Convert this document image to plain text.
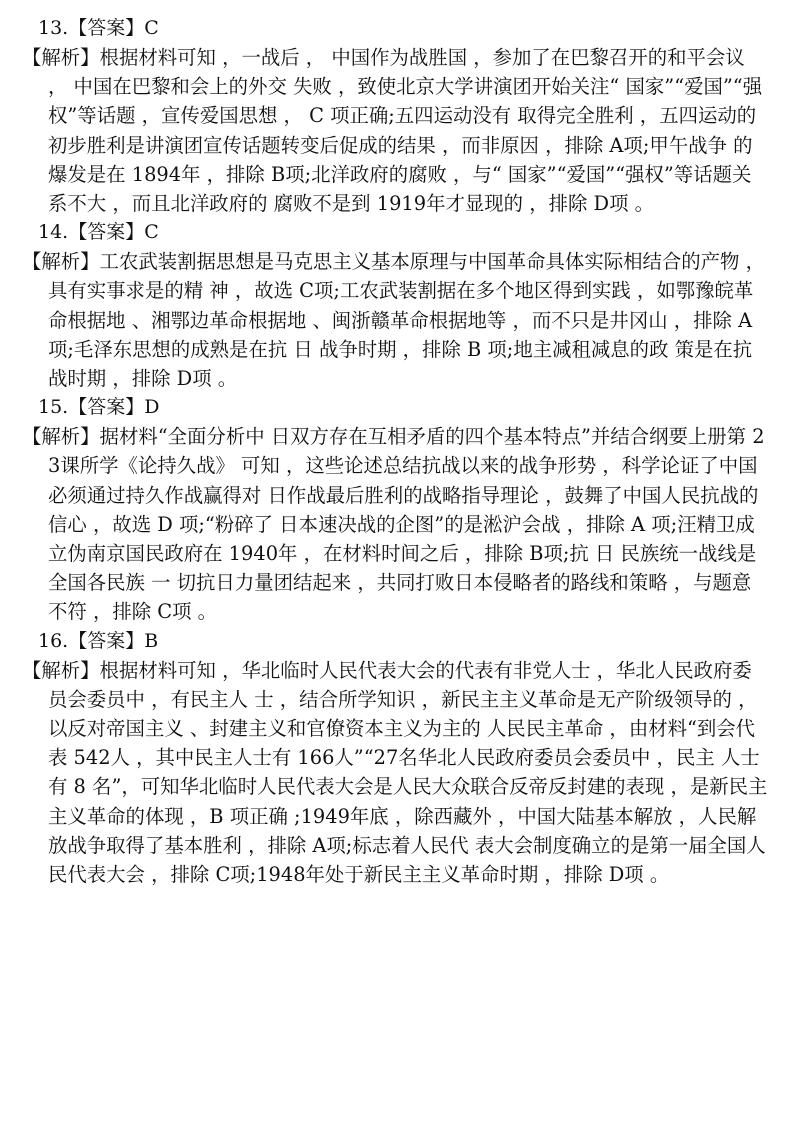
13.【答案】C
【解析】根据材料可知 ，一战后 ， 中国作为战胜国 ，参加了在巴黎召开的和平会议 ， 中国在巴黎和会上的外交 失败 ，致使北京大学讲演团开始关注“ 国家”“爱国”“强权”等话题 ，宣传爱国思想 ， C 项正确;五四运动没有 取得完全胜利 ，五四运动的 初步胜利是讲演团宣传话题转变后促成的结果 ，而非原因 ，排除 A项;甲午战争 的爆发是在 1894年 ，排除 B项;北洋政府的腐败 ，与“ 国家”“爱国”“强权”等话题关系不大 ，而且北洋政府的 腐败不是到 1919年才显现的 ，排除 D项 。
14.【答案】C
【解析】工农武装割据思想是马克思主义基本原理与中国革命具体实际相结合的产物 ，具有实事求是的精 神 ，故选 C项;工农武装割据在多个地区得到实践 ，如鄂豫皖革命根据地 、湘鄂边革命根据地 、闽浙赣革命根据地等 ，而不只是井冈山 ，排除 A项;毛泽东思想的成熟是在抗 日 战争时期 ，排除 B 项;地主减租减息的政 策是在抗战时期 ，排除 D项 。
15.【答案】D
【解析】据材料“全面分析中 日双方存在互相矛盾的四个基本特点”并结合纲要上册第 23课所学《论持久战》 可知 ，这些论述总结抗战以来的战争形势 ，科学论证了中国必须通过持久作战赢得对 日作战最后胜利的战略指导理论 ，鼓舞了中国人民抗战的信心 ，故选 D 项;“粉碎了 日本速决战的企图”的是淞沪会战 ，排除 A 项;汪精卫成立伪南京国民政府在 1940年 ，在材料时间之后 ，排除 B项;抗 日 民族统一战线是全国各民族 一 切抗日力量团结起来 ，共同打败日本侵略者的路线和策略 ，与题意不符 ，排除 C项 。
16.【答案】B
【解析】根据材料可知 ，华北临时人民代表大会的代表有非党人士 ，华北人民政府委员会委员中 ，有民主人 士 ，结合所学知识 ，新民主主义革命是无产阶级领导的 ， 以反对帝国主义 、封建主义和官僚资本主义为主的 人民民主革命 ，由材料“到会代表 542人 ，其中民主人士有 166人”“27名华北人民政府委员会委员中 ，民主 人士有 8 名”，可知华北临时人民代表大会是人民大众联合反帝反封建的表现 ，是新民主主义革命的体现 ，B 项正确 ;1949年底 ，除西藏外 ，中国大陆基本解放 ，人民解放战争取得了基本胜利 ，排除 A项;标志着人民代 表大会制度确立的是第一届全国人民代表大会 ，排除 C项;1948年处于新民主主义革命时期 ，排除 D项 。
